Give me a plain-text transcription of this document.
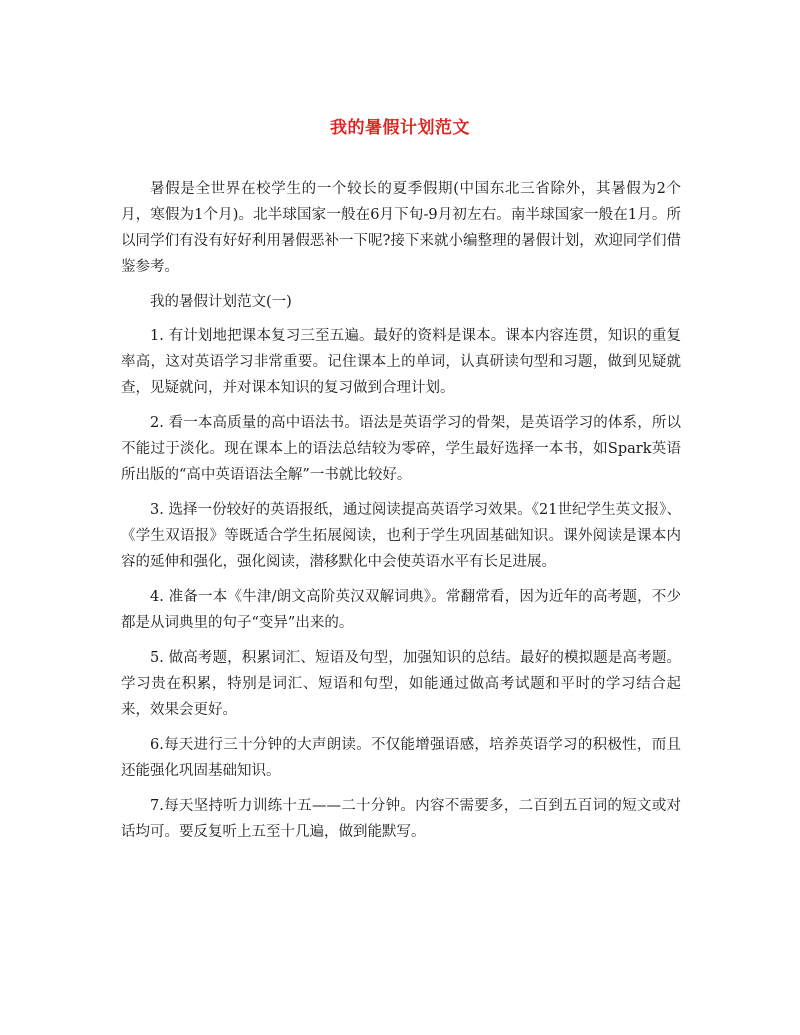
我的暑假计划范文

暑假是全世界在校学生的一个较长的夏季假期(中国东北三省除外，其暑假为2个月，寒假为1个月)。北半球国家一般在6月下旬-9月初左右。南半球国家一般在1月。所以同学们有没有好好利用暑假恶补一下呢?接下来就小编整理的暑假计划，欢迎同学们借鉴参考。

我的暑假计划范文(一)

1. 有计划地把课本复习三至五遍。最好的资料是课本。课本内容连贯，知识的重复率高，这对英语学习非常重要。记住课本上的单词，认真研读句型和习题，做到见疑就查，见疑就问，并对课本知识的复习做到合理计划。

2. 看一本高质量的高中语法书。语法是英语学习的骨架，是英语学习的体系，所以不能过于淡化。现在课本上的语法总结较为零碎，学生最好选择一本书，如Spark英语所出版的“高中英语语法全解”一书就比较好。

3. 选择一份较好的英语报纸，通过阅读提高英语学习效果。《21世纪学生英文报》、《学生双语报》等既适合学生拓展阅读，也利于学生巩固基础知识。课外阅读是课本内容的延伸和强化，强化阅读，潜移默化中会使英语水平有长足进展。

4. 准备一本《牛津/朗文高阶英汉双解词典》。常翻常看，因为近年的高考题，不少都是从词典里的句子“变异”出来的。

5. 做高考题，积累词汇、短语及句型，加强知识的总结。最好的模拟题是高考题。学习贵在积累，特别是词汇、短语和句型，如能通过做高考试题和平时的学习结合起来，效果会更好。

6.每天进行三十分钟的大声朗读。不仅能增强语感，培养英语学习的积极性，而且还能强化巩固基础知识。

7.每天坚持听力训练十五——二十分钟。内容不需要多，二百到五百词的短文或对话均可。要反复听上五至十几遍，做到能默写。
